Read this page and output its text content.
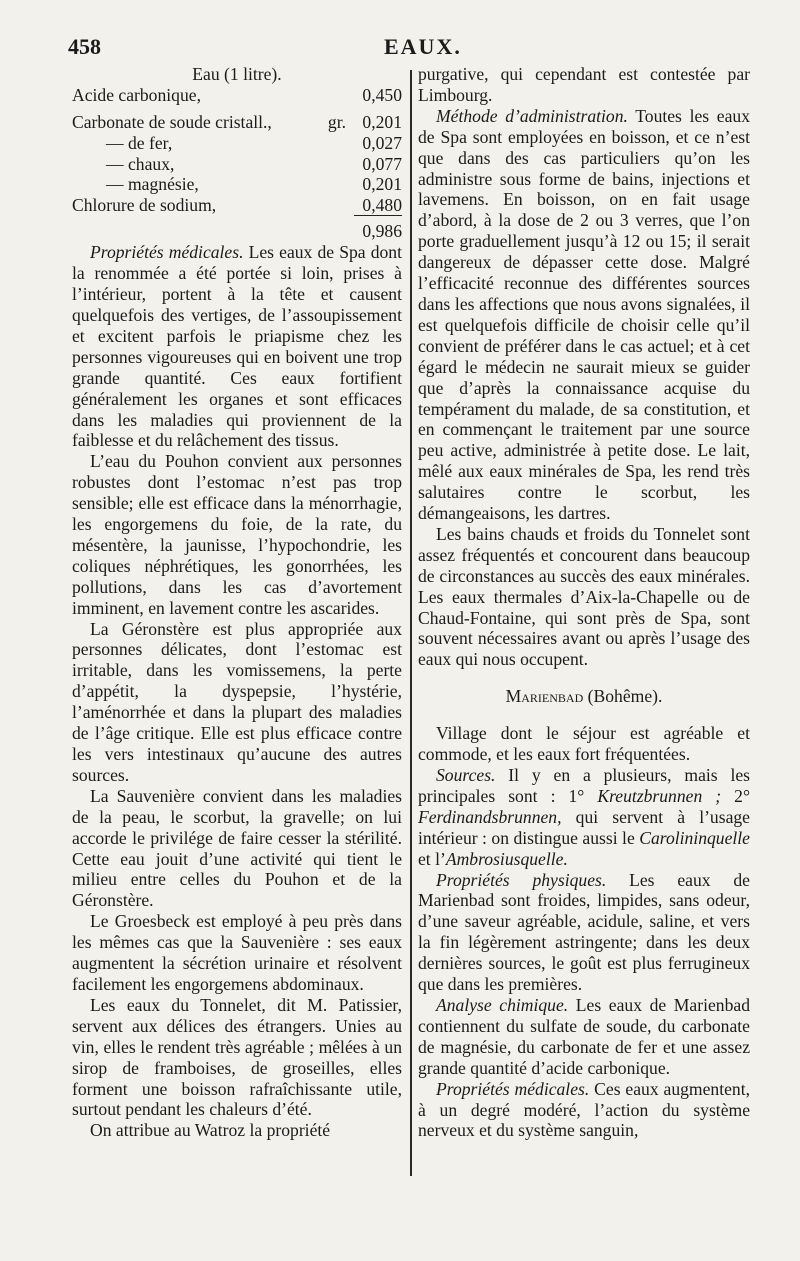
458	EAUX.
Eau (1 litre).
Acide carbonique,	0,450
Carbonate de soude cristall.,	gr. 0,201
— de fer,	0,027
— chaux,	0,077
— magnésie,	0,201
Chlorure de sodium,	0,480
0,986

Propriétés médicales. Les eaux de Spa dont la renommée a été portée si loin, prises à l’intérieur, portent à la tête et causent quelquefois des vertiges, de l’assoupissement et excitent parfois le priapisme chez les personnes vigoureuses qui en boivent une trop grande quantité. Ces eaux fortifient généralement les organes et sont efficaces dans les maladies qui proviennent de la faiblesse et du relâchement des tissus.

L’eau du Pouhon convient aux personnes robustes dont l’estomac n’est pas trop sensible; elle est efficace dans la ménorrhagie, les engorgemens du foie, de la rate, du mésentère, la jaunisse, l’hypochondrie, les coliques néphrétiques, les gonorrhées, les pollutions, dans les cas d’avortement imminent, en lavement contre les ascarides.

La Géronstère est plus appropriée aux personnes délicates, dont l’estomac est irritable, dans les vomissemens, la perte d’appétit, la dyspepsie, l’hystérie, l’aménorrhée et dans la plupart des maladies de l’âge critique. Elle est plus efficace contre les vers intestinaux qu’aucune des autres sources.

La Sauvenière convient dans les maladies de la peau, le scorbut, la gravelle; on lui accorde le privilége de faire cesser la stérilité. Cette eau jouit d’une activité qui tient le milieu entre celles du Pouhon et de la Géronstère.

Le Groesbeck est employé à peu près dans les mêmes cas que la Sauvenière : ses eaux augmentent la sécrétion urinaire et résolvent facilement les engorgemens abdominaux.

Les eaux du Tonnelet, dit M. Patissier, servent aux délices des étrangers. Unies au vin, elles le rendent très agréable ; mêlées à un sirop de framboises, de groseilles, elles forment une boisson rafraîchissante utile, surtout pendant les chaleurs d’été.

On attribue au Watroz la propriété

purgative, qui cependant est contestée par Limbourg.

Méthode d’administration. Toutes les eaux de Spa sont employées en boisson, et ce n’est que dans des cas particuliers qu’on les administre sous forme de bains, injections et lavemens. En boisson, on en fait usage d’abord, à la dose de 2 ou 3 verres, que l’on porte graduellement jusqu’à 12 ou 15; il serait dangereux de dépasser cette dose. Malgré l’efficacité reconnue des différentes sources dans les affections que nous avons signalées, il est quelquefois difficile de choisir celle qu’il convient de préférer dans le cas actuel; et à cet égard le médecin ne saurait mieux se guider que d’après la connaissance acquise du tempérament du malade, de sa constitution, et en commençant le traitement par une source peu active, administrée à petite dose. Le lait, mêlé aux eaux minérales de Spa, les rend très salutaires contre le scorbut, les démangeaisons, les dartres.

Les bains chauds et froids du Tonnelet sont assez fréquentés et concourent dans beaucoup de circonstances au succès des eaux minérales. Les eaux thermales d’Aix-la-Chapelle ou de Chaud-Fontaine, qui sont près de Spa, sont souvent nécessaires avant ou après l’usage des eaux qui nous occupent.

Marienbad (Bohême).

Village dont le séjour est agréable et commode, et les eaux fort fréquentées.

Sources. Il y en a plusieurs, mais les principales sont : 1° Kreutzbrunnen ; 2° Ferdinandsbrunnen, qui servent à l’usage intérieur : on distingue aussi le Carolininquelle et l’Ambrosiusquelle.

Propriétés physiques. Les eaux de Marienbad sont froides, limpides, sans odeur, d’une saveur agréable, acidule, saline, et vers la fin légèrement astringente; dans les deux dernières sources, le goût est plus ferrugineux que dans les premières.

Analyse chimique. Les eaux de Marienbad contiennent du sulfate de soude, du carbonate de magnésie, du carbonate de fer et une assez grande quantité d’acide carbonique.

Propriétés médicales. Ces eaux augmentent, à un degré modéré, l’action du système nerveux et du système sanguin,
